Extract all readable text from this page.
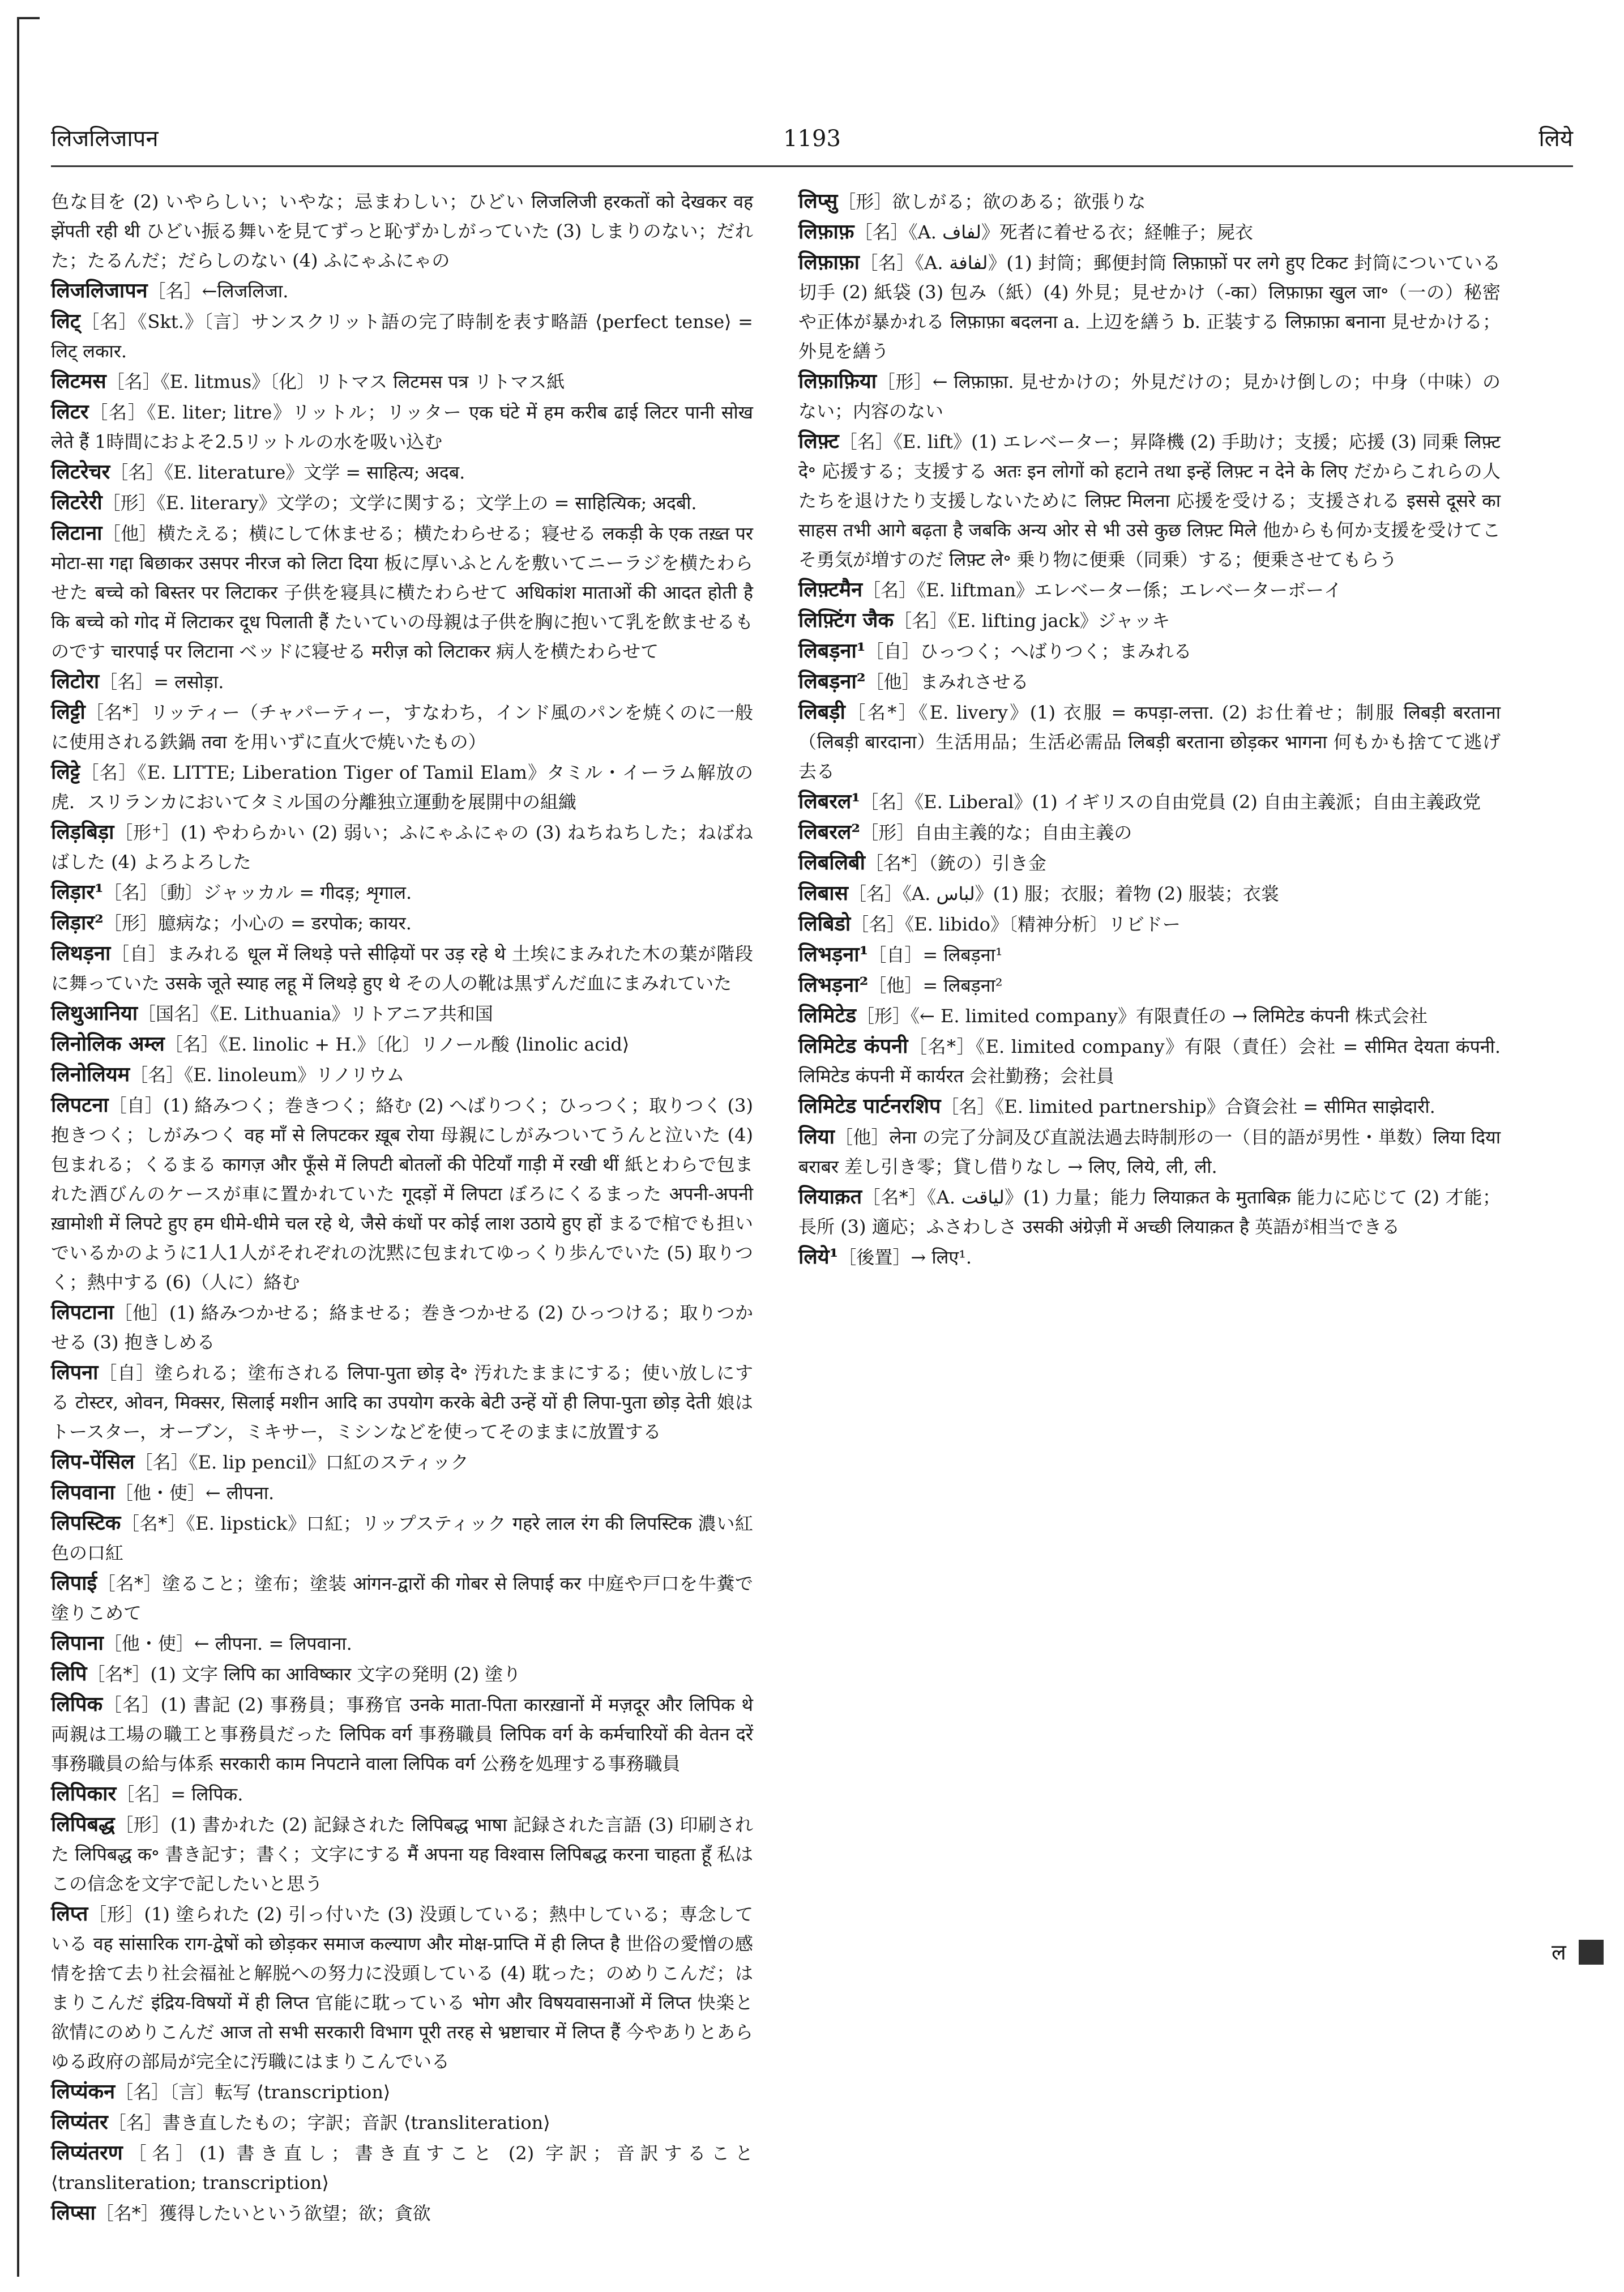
लिजलिजापन	1193	लिये

色な目を (2) いやらしい；いやな；忌まわしい；ひどい लिजलिजी हरकतों को देखकर वह झेंपती रही थी ひどい振る舞いを見てずっと恥ずかしがっていた (3) しまりのない；だれた；たるんだ；だらしのない (4) ふにゃふにゃの

लिजलिजापन［名］←लिजलिजा.

लिट्［名］《Skt.》〔言〕サンスクリット語の完了時制を表す略語 ⟨perfect tense⟩ = लिट् लकार.

लिटमस［名］《E. litmus》〔化〕リトマス लिटमस पत्र リトマス紙

लिटर［名］《E. liter; litre》リットル；リッター एक घंटे में हम करीब ढाई लिटर पानी सोख लेते हैं 1時間におよそ2.5リットルの水を吸い込む

लिटरेचर［名］《E. literature》文学 = साहित्य; अदब.

लिटरेरी［形］《E. literary》文学の；文学に関する；文学上の = साहित्यिक; अदबी.

लिटाना［他］横たえる；横にして休ませる；横たわらせる；寝せる लकड़ी के एक तख़्त पर मोटा-सा गद्दा बिछाकर उसपर नीरज को लिटा दिया 板に厚いふとんを敷いてニーラジを横たわらせた बच्चे को बिस्तर पर लिटाकर 子供を寝具に横たわらせて अधिकांश माताओं की आदत होती है कि बच्चे को गोद में लिटाकर दूध पिलाती हैं たいていの母親は子供を胸に抱いて乳を飲ませるものです चारपाई पर लिटाना ベッドに寝せる मरीज़ को लिटाकर 病人を横たわらせて

लिटोरा［名］= लसोड़ा.

लिट्टी［名*］リッティー（チャパーティー，すなわち，インド風のパンを焼くのに一般に使用される鉄鍋 तवा を用いずに直火で焼いたもの）

लिट्टे［名］《E. LITTE; Liberation Tiger of Tamil Elam》タミル・イーラム解放の虎．スリランカにおいてタミル国の分離独立運動を展開中の組織

लिड़बिड़ा［形⁺］(1) やわらかい (2) 弱い；ふにゃふにゃの (3) ねちねちした；ねばねばした (4) よろよろした

लिड़ार¹［名］〔動〕ジャッカル = गीदड़; शृगाल.

लिड़ार²［形］臆病な；小心の = डरपोक; कायर.

लिथड़ना［自］まみれる धूल में लिथड़े पत्ते सीढ़ियों पर उड़ रहे थे 土埃にまみれた木の葉が階段に舞っていた उसके जूते स्याह लहू में लिथड़े हुए थे その人の靴は黒ずんだ血にまみれていた

लिथुआनिया［国名］《E. Lithuania》リトアニア共和国

लिनोलिक अम्ल［名］《E. linolic + H.》〔化〕リノール酸 ⟨linolic acid⟩

लिनोलियम［名］《E. linoleum》リノリウム

लिपटना［自］(1) 絡みつく；巻きつく；絡む (2) へばりつく；ひっつく；取りつく (3) 抱きつく；しがみつく वह माँ से लिपटकर ख़ूब रोया 母親にしがみついてうんと泣いた (4) 包まれる；くるまる कागज़ और फूँसे में लिपटी बोतलों की पेटियाँ गाड़ी में रखी थीं 紙とわらで包まれた酒びんのケースが車に置かれていた गूदड़ों में लिपटा ぼろにくるまった अपनी-अपनी ख़ामोशी में लिपटे हुए हम धीमे-धीमे चल रहे थे, जैसे कंधों पर कोई लाश उठाये हुए हों まるで棺でも担いでいるかのように1人1人がそれぞれの沈黙に包まれてゆっくり歩んでいた (5) 取りつく；熱中する (6)（人に）絡む

लिपटाना［他］(1) 絡みつかせる；絡ませる；巻きつかせる (2) ひっつける；取りつかせる (3) 抱きしめる

लिपना［自］塗られる；塗布される लिपा-पुता छोड़ दे॰ 汚れたままにする；使い放しにする टोस्टर, ओवन, मिक्सर, सिलाई मशीन आदि का उपयोग करके बेटी उन्हें यों ही लिपा-पुता छोड़ देती 娘はトースター，オーブン，ミキサー，ミシンなどを使ってそのままに放置する

लिप-पेंसिल［名］《E. lip pencil》口紅のスティック

लिपवाना［他・使］← लीपना.

लिपस्टिक［名*］《E. lipstick》口紅；リップスティック गहरे लाल रंग की लिपस्टिक 濃い紅色の口紅

लिपाई［名*］塗ること；塗布；塗装 आंगन-द्वारों की गोबर से लिपाई कर 中庭や戸口を牛糞で塗りこめて

लिपाना［他・使］← लीपना. = लिपवाना.

लिपि［名*］(1) 文字 लिपि का आविष्कार 文字の発明 (2) 塗り

लिपिक［名］(1) 書記 (2) 事務員；事務官 उनके माता-पिता कारख़ानों में मज़दूर और लिपिक थे 両親は工場の職工と事務員だった लिपिक वर्ग 事務職員 लिपिक वर्ग के कर्मचारियों की वेतन दरें 事務職員の給与体系 सरकारी काम निपटाने वाला लिपिक वर्ग 公務を処理する事務職員

लिपिकार［名］= लिपिक.

लिपिबद्ध［形］(1) 書かれた (2) 記録された लिपिबद्ध भाषा 記録された言語 (3) 印刷された लिपिबद्ध क॰ 書き記す；書く；文字にする मैं अपना यह विश्वास लिपिबद्ध करना चाहता हूँ 私はこの信念を文字で記したいと思う

लिप्त［形］(1) 塗られた (2) 引っ付いた (3) 没頭している；熱中している；専念している वह सांसारिक राग-द्वेषों को छोड़कर समाज कल्याण और मोक्ष-प्राप्ति में ही लिप्त है 世俗の愛憎の感情を捨て去り社会福祉と解脱への努力に没頭している (4) 耽った；のめりこんだ；はまりこんだ इंद्रिय-विषयों में ही लिप्त 官能に耽っている भोग और विषयवासनाओं में लिप्त 快楽と欲情にのめりこんだ आज तो सभी सरकारी विभाग पूरी तरह से भ्रष्टाचार में लिप्त हैं 今やありとあらゆる政府の部局が完全に汚職にはまりこんでいる

लिप्यंकन［名］〔言〕転写 ⟨transcription⟩

लिप्यंतर［名］書き直したもの；字訳；音訳 ⟨transliteration⟩

लिप्यंतरण［名］(1) 書き直し；書き直すこと (2) 字訳；音訳すること ⟨transliteration; transcription⟩

लिप्सा［名*］獲得したいという欲望；欲；貪欲

लिप्सु［形］欲しがる；欲のある；欲張りな

लिफ़ाफ़［名］《A. لفاف》死者に着せる衣；経帷子；屍衣

लिफ़ाफ़ा［名］《A. لفافة》(1) 封筒；郵便封筒 लिफ़ाफ़ों पर लगे हुए टिकट 封筒についている切手 (2) 紙袋 (3) 包み（紙）(4) 外見；見せかけ（-का）लिफ़ाफ़ा खुल जा॰（一の）秘密や正体が暴かれる लिफ़ाफ़ा बदलना a. 上辺を繕う b. 正装する लिफ़ाफ़ा बनाना 見せかける；外見を繕う

लिफ़ाफ़िया［形］← लिफ़ाफ़ा. 見せかけの；外見だけの；見かけ倒しの；中身（中味）のない；内容のない

लिफ़्ट［名］《E. lift》(1) エレベーター；昇降機 (2) 手助け；支援；応援 (3) 同乗 लिफ़्ट दे॰ 応援する；支援する अतः इन लोगों को हटाने तथा इन्हें लिफ़्ट न देने के लिए だからこれらの人たちを退けたり支援しないために लिफ़्ट मिलना 応援を受ける；支援される इससे दूसरे का साहस तभी आगे बढ़ता है जबकि अन्य ओर से भी उसे कुछ लिफ़्ट मिले 他からも何か支援を受けてこそ勇気が増すのだ लिफ़्ट ले॰ 乗り物に便乗（同乗）する；便乗させてもらう

लिफ़्टमैन［名］《E. liftman》エレベーター係；エレベーターボーイ

लिफ़्टिंग जैक［名］《E. lifting jack》ジャッキ

लिबड़ना¹［自］ひっつく；へばりつく；まみれる

लिबड़ना²［他］まみれさせる

लिबड़ी［名*］《E. livery》(1) 衣服 = कपड़ा-लत्ता. (2) お仕着せ；制服 लिबड़ी बरताना（लिबड़ी बारदाना）生活用品；生活必需品 लिबड़ी बरताना छोड़कर भागना 何もかも捨てて逃げ去る

लिबरल¹［名］《E. Liberal》(1) イギリスの自由党員 (2) 自由主義派；自由主義政党

लिबरल²［形］自由主義的な；自由主義の

लिबलिबी［名*］（銃の）引き金

लिबास［名］《A. لباس》(1) 服；衣服；着物 (2) 服装；衣裳

लिबिडो［名］《E. libido》〔精神分析〕リビドー

लिभड़ना¹［自］= लिबड़ना¹

लिभड़ना²［他］= लिबड़ना²

लिमिटेड［形］《← E. limited company》有限責任の → लिमिटेड कंपनी 株式会社

लिमिटेड कंपनी［名*］《E. limited company》有限（責任）会社 = सीमित देयता कंपनी. लिमिटेड कंपनी में कार्यरत 会社勤務；会社員

लिमिटेड पार्टनरशिप［名］《E. limited partnership》合資会社 = सीमित साझेदारी.

लिया［他］लेना の完了分詞及び直説法過去時制形の一（目的語が男性・単数）लिया दिया बराबर 差し引き零；貸し借りなし → लिए, लिये, ली, ली.

लियाक़त［名*］《A. لياقت》(1) 力量；能力 लियाक़त के मुताबिक़ 能力に応じて (2) 才能；長所 (3) 適応；ふさわしさ उसकी अंग्रेज़ी में अच्छी लियाक़त है 英語が相当できる

लिये¹［後置］→ लिए¹.

ल
